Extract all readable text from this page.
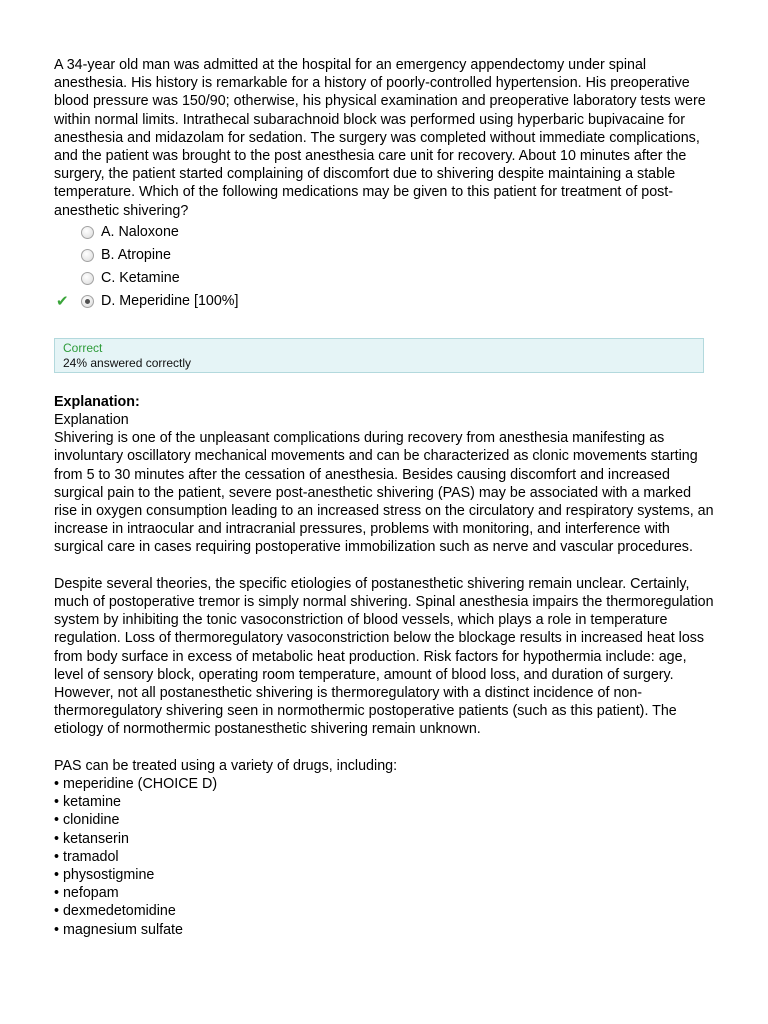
A 34-year old man was admitted at the hospital for an emergency appendectomy under spinal anesthesia. His history is remarkable for a history of poorly-controlled hypertension. His preoperative blood pressure was 150/90; otherwise, his physical examination and preoperative laboratory tests were within normal limits. Intrathecal subarachnoid block was performed using hyperbaric bupivacaine for anesthesia and midazolam for sedation. The surgery was completed without immediate complications, and the patient was brought to the post anesthesia care unit for recovery. About 10 minutes after the surgery, the patient started complaining of discomfort due to shivering despite maintaining a stable temperature. Which of the following medications may be given to this patient for treatment of post-anesthetic shivering?

A. Naloxone
B. Atropine
C. Ketamine
✔ D. Meperidine [100%]
Correct
24% answered correctly
Explanation:
Explanation

Shivering is one of the unpleasant complications during recovery from anesthesia manifesting as involuntary oscillatory mechanical movements and can be characterized as clonic movements starting from 5 to 30 minutes after the cessation of anesthesia. Besides causing discomfort and increased surgical pain to the patient, severe post-anesthetic shivering (PAS) may be associated with a marked rise in oxygen consumption leading to an increased stress on the circulatory and respiratory systems, an increase in intraocular and intracranial pressures, problems with monitoring, and interference with surgical care in cases requiring postoperative immobilization such as nerve and vascular procedures.

Despite several theories, the specific etiologies of postanesthetic shivering remain unclear. Certainly, much of postoperative tremor is simply normal shivering. Spinal anesthesia impairs the thermoregulation system by inhibiting the tonic vasoconstriction of blood vessels, which plays a role in temperature regulation. Loss of thermoregulatory vasoconstriction below the blockage results in increased heat loss from body surface in excess of metabolic heat production. Risk factors for hypothermia include: age, level of sensory block, operating room temperature, amount of blood loss, and duration of surgery. However, not all postanesthetic shivering is thermoregulatory with a distinct incidence of non-thermoregulatory shivering seen in normothermic postoperative patients (such as this patient). The etiology of normothermic postanesthetic shivering remain unknown.

PAS can be treated using a variety of drugs, including:

• meperidine (CHOICE D)
• ketamine
• clonidine
• ketanserin
• tramadol
• physostigmine
• nefopam
• dexmedetomidine
• magnesium sulfate
